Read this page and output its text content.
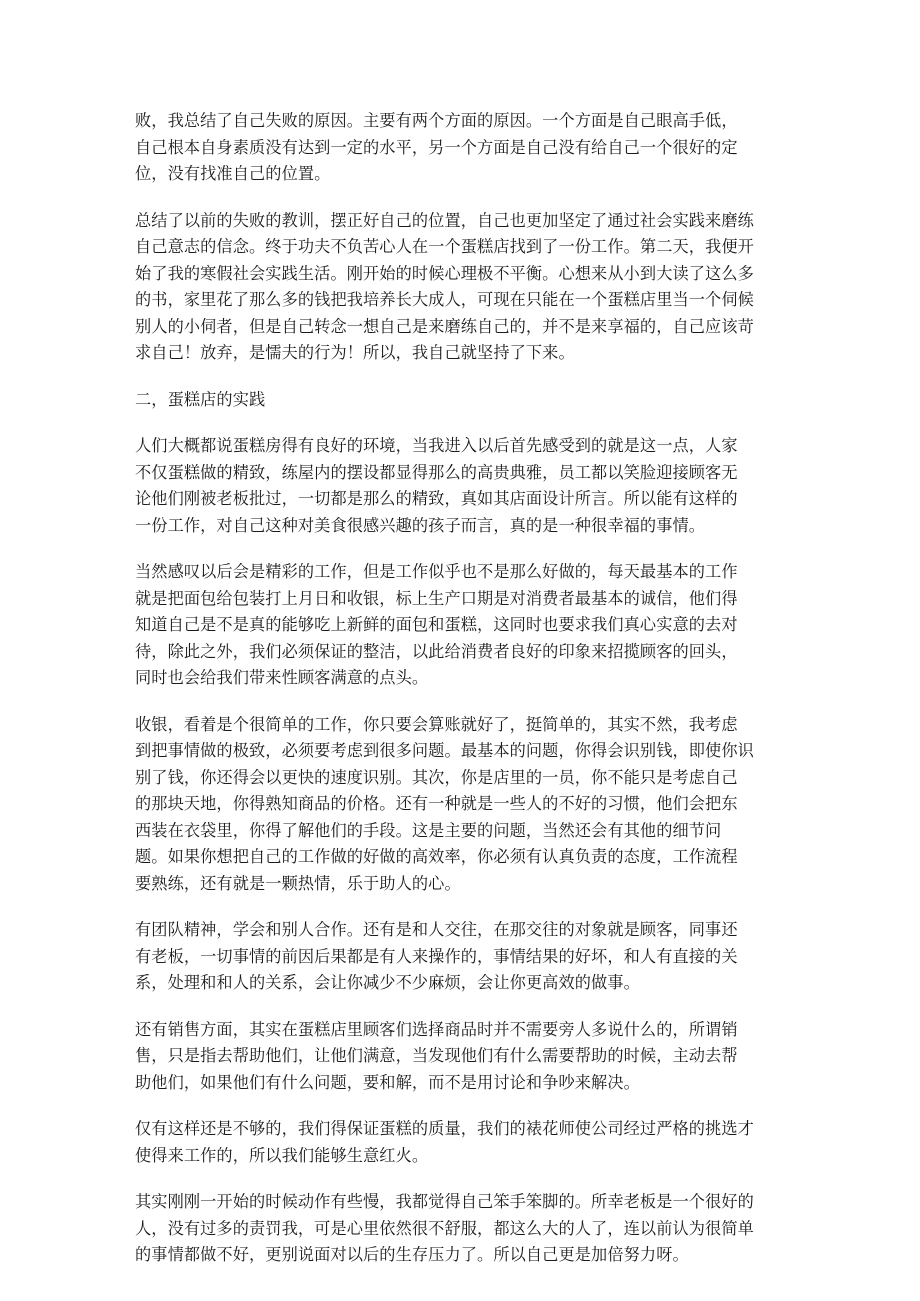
败，我总结了自己失败的原因。主要有两个方面的原因。一个方面是自己眼高手低，
自己根本自身素质没有达到一定的水平，另一个方面是自己没有给自己一个很好的定
位，没有找准自己的位置。
总结了以前的失败的教训，摆正好自己的位置，自己也更加坚定了通过社会实践来磨练
自己意志的信念。终于功夫不负苦心人在一个蛋糕店找到了一份工作。第二天，我便开
始了我的寒假社会实践生活。刚开始的时候心理极不平衡。心想来从小到大读了这么多
的书，家里花了那么多的钱把我培养长大成人，可现在只能在一个蛋糕店里当一个伺候
别人的小伺者，但是自己转念一想自己是来磨练自己的，并不是来享福的，自己应该苛
求自己！放弃，是懦夫的行为！所以，我自己就坚持了下来。
二，蛋糕店的实践
人们大概都说蛋糕房得有良好的环境，当我进入以后首先感受到的就是这一点，人家
不仅蛋糕做的精致，练屋内的摆设都显得那么的高贵典雅，员工都以笑脸迎接顾客无
论他们刚被老板批过，一切都是那么的精致，真如其店面设计所言。所以能有这样的
一份工作，对自己这种对美食很感兴趣的孩子而言，真的是一种很幸福的事情。
当然感叹以后会是精彩的工作，但是工作似乎也不是那么好做的，每天最基本的工作
就是把面包给包装打上月日和收银，标上生产口期是对消费者最基本的诚信，他们得
知道自己是不是真的能够吃上新鲜的面包和蛋糕，这同时也要求我们真心实意的去对
待，除此之外，我们必须保证的整洁，以此给消费者良好的印象来招揽顾客的回头，
同时也会给我们带来性顾客满意的点头。
收银，看着是个很简单的工作，你只要会算账就好了，挺简单的，其实不然，我考虑
到把事情做的极致，必须要考虑到很多问题。最基本的问题，你得会识别钱，即使你识
别了钱，你还得会以更快的速度识别。其次，你是店里的一员，你不能只是考虑自己
的那块天地，你得熟知商品的价格。还有一种就是一些人的不好的习惯，他们会把东
西装在衣袋里，你得了解他们的手段。这是主要的问题，当然还会有其他的细节问
题。如果你想把自己的工作做的好做的高效率，你必须有认真负责的态度，工作流程
要熟练，还有就是一颗热情，乐于助人的心。
有团队精神，学会和别人合作。还有是和人交往，在那交往的对象就是顾客，同事还
有老板，一切事情的前因后果都是有人来操作的，事情结果的好坏，和人有直接的关
系，处理和和人的关系，会让你减少不少麻烦，会让你更高效的做事。
还有销售方面，其实在蛋糕店里顾客们选择商品时并不需要旁人多说什么的，所谓销
售，只是指去帮助他们，让他们满意，当发现他们有什么需要帮助的时候，主动去帮
助他们，如果他们有什么问题，要和解，而不是用讨论和争吵来解决。
仅有这样还是不够的，我们得保证蛋糕的质量，我们的裱花师使公司经过严格的挑选才
使得来工作的，所以我们能够生意红火。
其实刚刚一开始的时候动作有些慢，我都觉得自己笨手笨脚的。所幸老板是一个很好的
人，没有过多的责罚我，可是心里依然很不舒服，都这么大的人了，连以前认为很简单
的事情都做不好，更别说面对以后的生存压力了。所以自己更是加倍努力呀。
